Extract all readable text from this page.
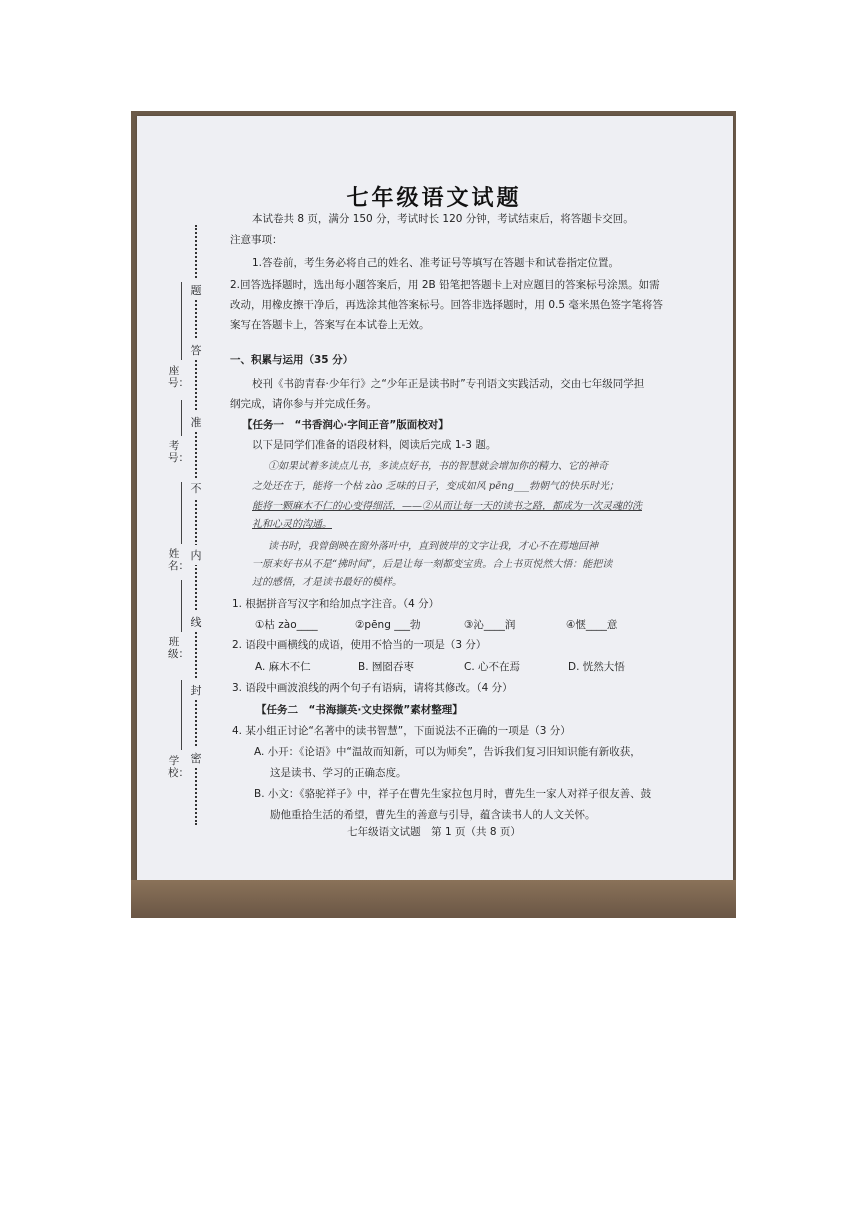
题
答
准
不
内
线
封
密
座号：
考号：
姓名：
班级：
学校：
七年级语文试题
本试卷共 8 页，满分 150 分，考试时长 120 分钟，考试结束后，将答题卡交回。
注意事项：
1.答卷前，考生务必将自己的姓名、准考证号等填写在答题卡和试卷指定位置。
2.回答选择题时，选出每小题答案后，用 2B 铅笔把答题卡上对应题目的答案标号涂黑。如需
改动，用橡皮擦干净后，再选涂其他答案标号。回答非选择题时，用 0.5 毫米黑色签字笔将答
案写在答题卡上，答案写在本试卷上无效。
一、积累与运用（35 分）
校刊《书韵青春·少年行》之“少年正是读书时”专刊语文实践活动，交由七年级同学担
纲完成，请你参与并完成任务。
【任务一　“书香润心·字间正音”版面校对】
以下是同学们准备的语段材料，阅读后完成 1-3 题。
①如果试着多读点儿书，多读点好书，书的智慧就会增加你的精力、它的神奇
之处还在于，能将一个枯 zào 乏味的日子，变成如风 pēng___勃朝气的快乐时光；
能将一颗麻木不仁的心变得细活，——②从而让每一天的读书之路，都成为一次灵魂的洗
礼和心灵的沟通。
读书时，我曾倒映在窗外落叶中，直到彼岸的文字让我，才心不在焉地回神
一原来好书从不是“拂时间”，后是让每一刻都变宝贵。合上书页悦然大悟：能把读
过的感悟，才是读书最好的模样。
1. 根据拼音写汉字和给加点字注音。（4 分）
①枯 zào____	②pēng ___勃	③沁____润	④惬____意
2. 语段中画横线的成语，使用不恰当的一项是（3 分）
A. 麻木不仁	B. 囫囵吞枣	C. 心不在焉	D. 恍然大悟
3. 语段中画波浪线的两个句子有语病，请将其修改。（4 分）
【任务二　“书海撷英·文史探微”素材整理】
4. 某小组正讨论“名著中的读书智慧”，下面说法不正确的一项是（3 分）
A. 小开：《论语》中“温故而知新，可以为师矣”，告诉我们复习旧知识能有新收获，
这是读书、学习的正确态度。
B. 小文：《骆驼祥子》中，祥子在曹先生家拉包月时，曹先生一家人对祥子很友善、鼓
励他重拾生活的希望，曹先生的善意与引导，蕴含读书人的人文关怀。
七年级语文试题　第 1 页（共 8 页）
